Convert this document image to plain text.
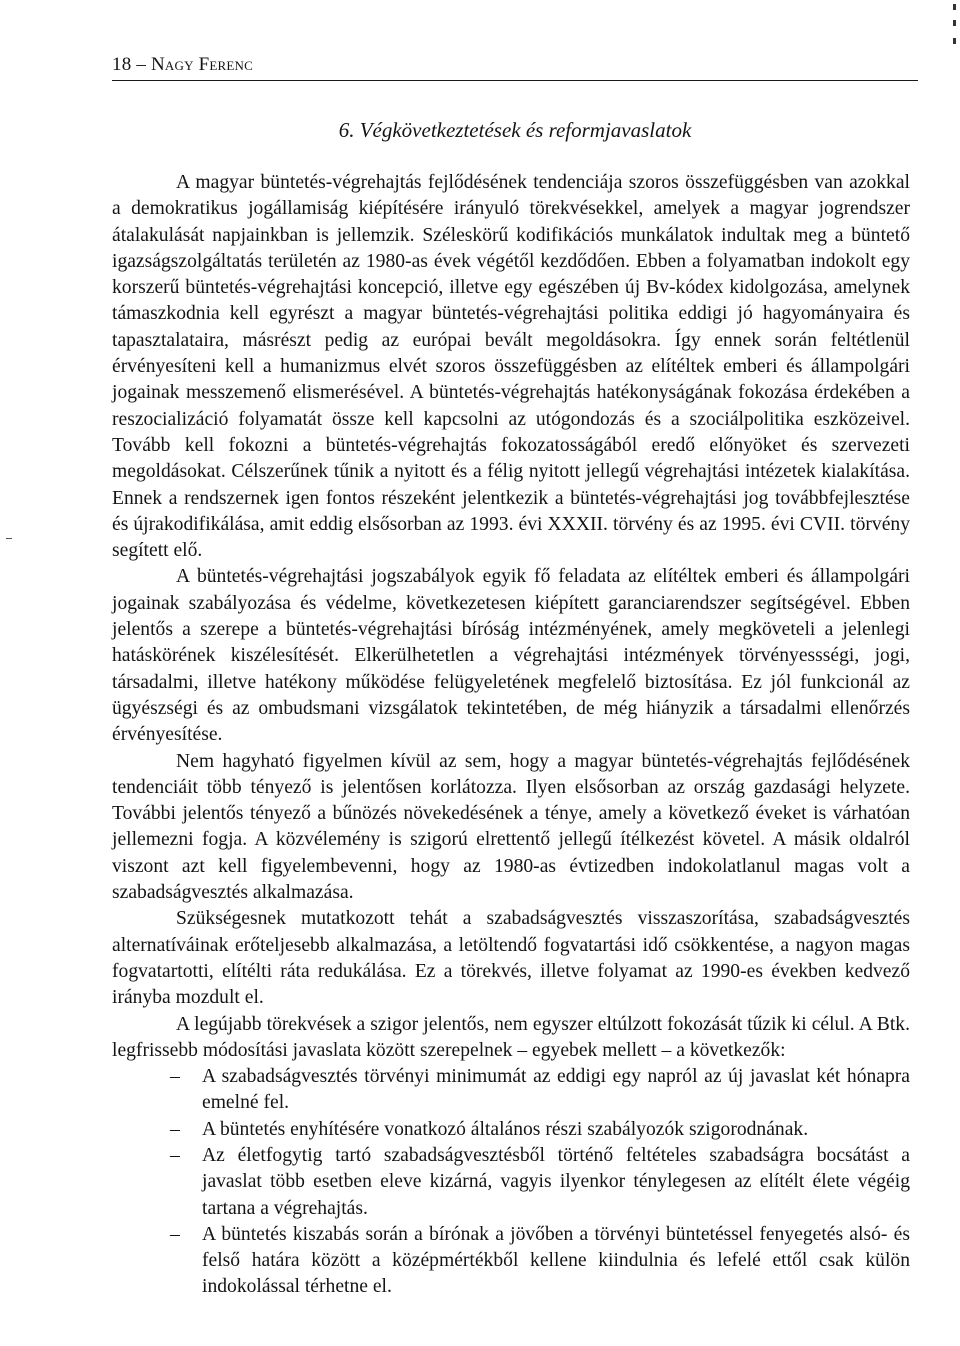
18 – Nagy Ferenc
6. Végkövetkeztetések és reformjavaslatok

A magyar büntetés-végrehajtás fejlődésének tendenciája szoros összefüggésben van azokkal a demokratikus jogállamiság kiépítésére irányuló törekvésekkel, amelyek a magyar jogrendszer átalakulását napjainkban is jellemzik. Széleskörű kodifikációs munkálatok indultak meg a büntető igazságszolgáltatás területén az 1980-as évek végétől kezdődően. Ebben a folyamatban indokolt egy korszerű büntetés-végrehajtási koncepció, illetve egy egészében új Bv-kódex kidolgozása, amelynek támaszkodnia kell egyrészt a magyar büntetés-végrehajtási politika eddigi jó hagyományaira és tapasztalataira, másrészt pedig az európai bevált megoldásokra. Így ennek során feltétlenül érvényesíteni kell a humanizmus elvét szoros összefüggésben az elítéltek emberi és állampolgári jogainak messzemenő elismerésével. A büntetés-végrehajtás hatékonyságának fokozása érdekében a reszocializáció folyamatát össze kell kapcsolni az utógondozás és a szociálpolitika eszközeivel. Tovább kell fokozni a büntetés-végrehajtás fokozatosságából eredő előnyöket és szervezeti megoldásokat. Célszerűnek tűnik a nyitott és a félig nyitott jellegű végrehajtási intézetek kialakítása. Ennek a rendszernek igen fontos részeként jelentkezik a büntetés-végrehajtási jog továbbfejlesztése és újrakodifikálása, amit eddig elsősorban az 1993. évi XXXII. törvény és az 1995. évi CVII. törvény segített elő.

A büntetés-végrehajtási jogszabályok egyik fő feladata az elítéltek emberi és állampolgári jogainak szabályozása és védelme, következetesen kiépített garanciarendszer segítségével. Ebben jelentős a szerepe a büntetés-végrehajtási bíróság intézményének, amely megköveteli a jelenlegi hatáskörének kiszélesítését. Elkerülhetetlen a végrehajtási intézmények törvényessségi, jogi, társadalmi, illetve hatékony működése felügyeletének megfelelő biztosítása. Ez jól funkcionál az ügyészségi és az ombudsmani vizsgálatok tekintetében, de még hiányzik a társadalmi ellenőrzés érvényesítése.

Nem hagyható figyelmen kívül az sem, hogy a magyar büntetés-végrehajtás fejlődésének tendenciáit több tényező is jelentősen korlátozza. Ilyen elsősorban az ország gazdasági helyzete. További jelentős tényező a bűnözés növekedésének a ténye, amely a következő éveket is várhatóan jellemezni fogja. A közvélemény is szigorú elrettentő jellegű ítélkezést követel. A másik oldalról viszont azt kell figyelembevenni, hogy az 1980-as évtizedben indokolatlanul magas volt a szabadságvesztés alkalmazása.

Szükségesnek mutatkozott tehát a szabadságvesztés visszaszorítása, szabadságvesztés alternatíváinak erőteljesebb alkalmazása, a letöltendő fogvatartási idő csökkentése, a nagyon magas fogvatartotti, elítélti ráta redukálása. Ez a törekvés, illetve folyamat az 1990-es években kedvező irányba mozdult el.

A legújabb törekvések a szigor jelentős, nem egyszer eltúlzott fokozását tűzik ki célul. A Btk. legfrissebb módosítási javaslata között szerepelnek – egyebek mellett – a következők:

– A szabadságvesztés törvényi minimumát az eddigi egy napról az új javaslat két hónapra emelné fel.
– A büntetés enyhítésére vonatkozó általános részi szabályozók szigorodnának.
– Az életfogytig tartó szabadságvesztésből történő feltételes szabadságra bocsátást a javaslat több esetben eleve kizárná, vagyis ilyenkor ténylegesen az elítélt élete végéig tartana a végrehajtás.
– A büntetés kiszabás során a bírónak a jövőben a törvényi büntetéssel fenyegetés alsó- és felső határa között a középmértékből kellene kiindulnia és lefelé ettől csak külön indokolással térhetne el.
